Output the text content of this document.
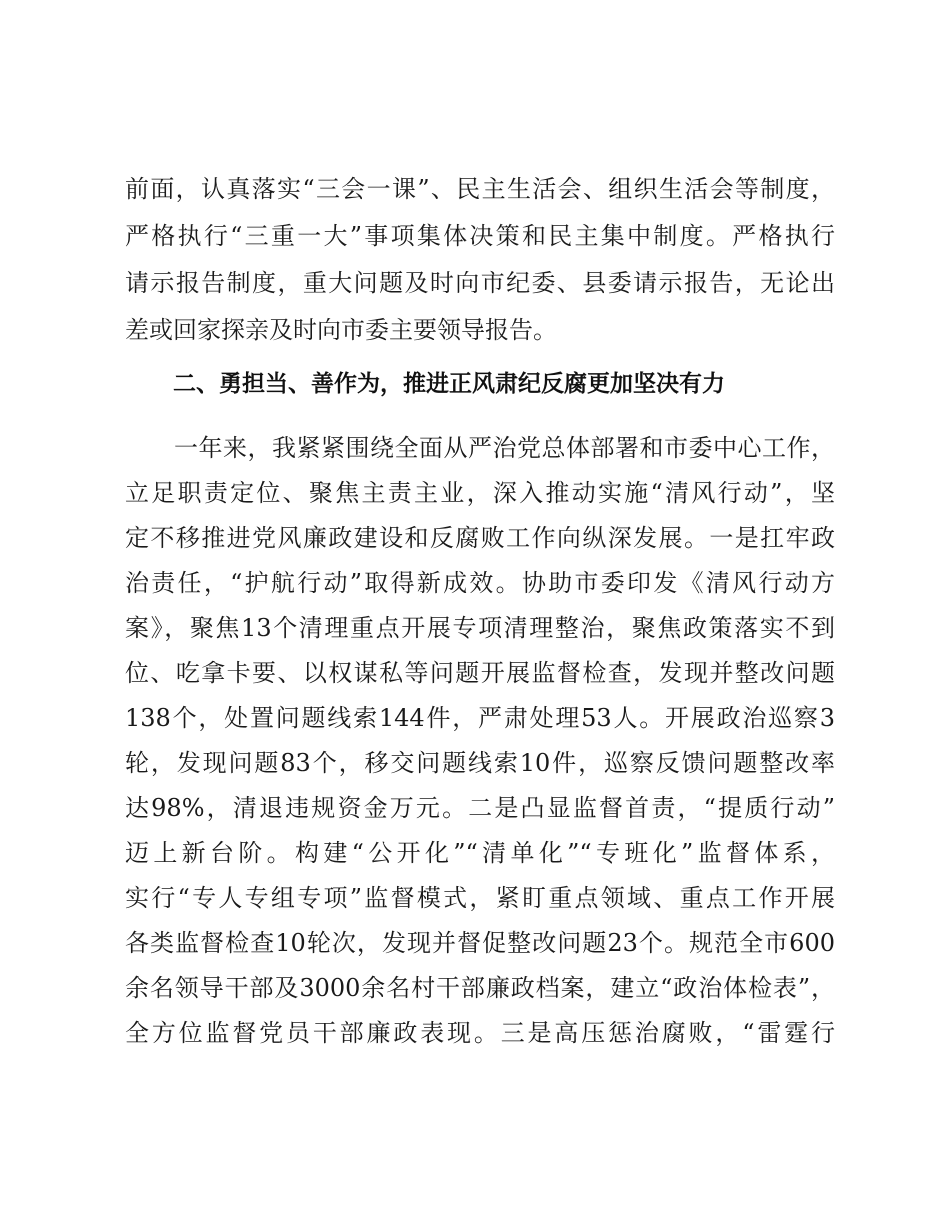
前面，认真落实“三会一课”、民主生活会、组织生活会等制度，

严格执行“三重一大”事项集体决策和民主集中制度。严格执行

请示报告制度，重大问题及时向市纪委、县委请示报告，无论出

差或回家探亲及时向市委主要领导报告。

二、勇担当、善作为，推进正风肃纪反腐更加坚决有力

　　一年来，我紧紧围绕全面从严治党总体部署和市委中心工作，

立足职责定位、聚焦主责主业，深入推动实施“清风行动”，坚

定不移推进党风廉政建设和反腐败工作向纵深发展。一是扛牢政

治责任，“护航行动”取得新成效。协助市委印发《清风行动方

案》，聚焦13个清理重点开展专项清理整治，聚焦政策落实不到

位、吃拿卡要、以权谋私等问题开展监督检查，发现并整改问题

138个，处置问题线索144件，严肃处理53人。开展政治巡察3

轮，发现问题83个，移交问题线索10件，巡察反馈问题整改率

达98%，清退违规资金万元。二是凸显监督首责，“提质行动”

迈上新台阶。构建“公开化”“清单化”“专班化”监督体系，

实行“专人专组专项”监督模式，紧盯重点领域、重点工作开展

各类监督检查10轮次，发现并督促整改问题23个。规范全市600

余名领导干部及3000余名村干部廉政档案，建立“政治体检表”，

全方位监督党员干部廉政表现。三是高压惩治腐败，“雷霆行
